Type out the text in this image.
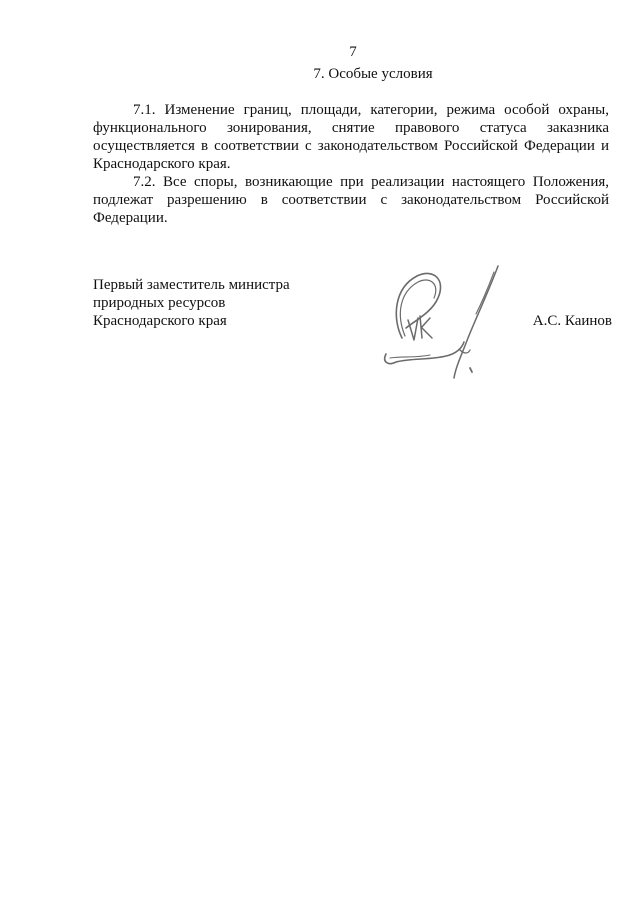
7
7. Особые условия

7.1. Изменение границ, площади, категории, режима особой охраны, функционального зонирования, снятие правового статуса заказника осуществляется в соответствии с законодательством Российской Федерации и Краснодарского края.

7.2. Все споры, возникающие при реализации настоящего Положения, подлежат разрешению в соответствии с законодательством Российской Федерации.

Первый заместитель министра
природных ресурсов
Краснодарского края	А.С. Каинов
